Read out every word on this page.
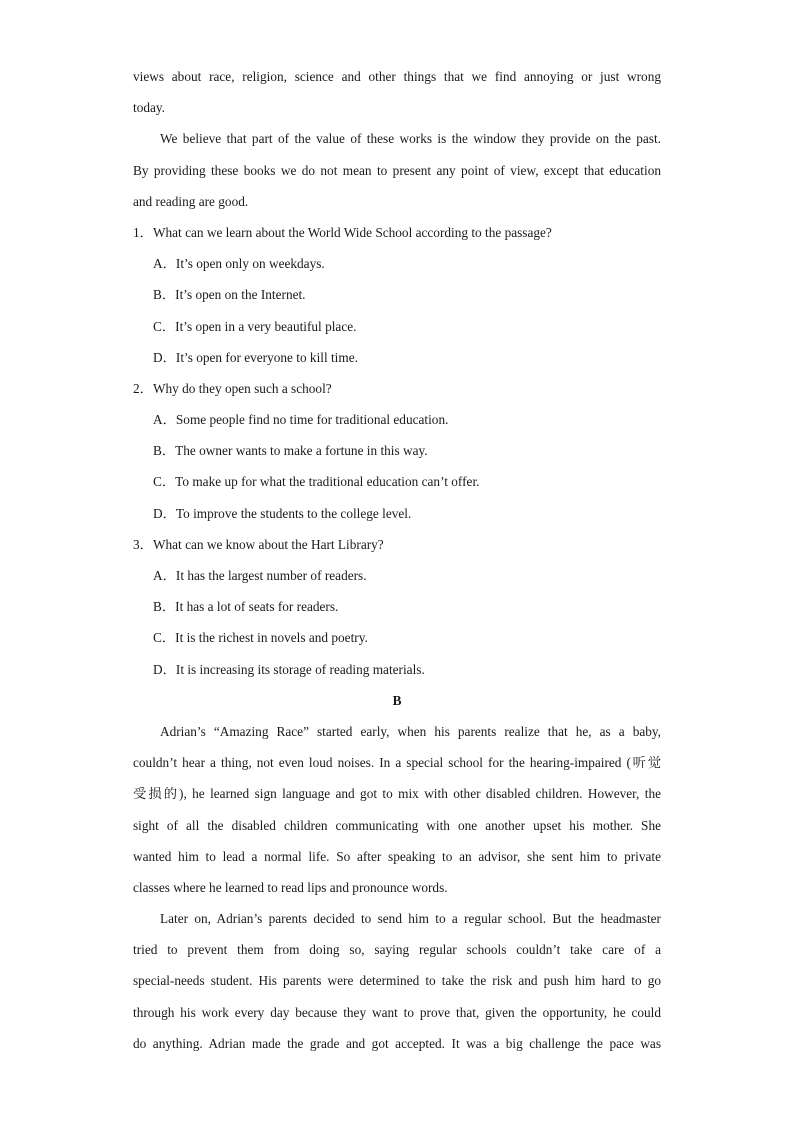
views about race, religion, science and other things that we find annoying or just wrong
today.
We believe that part of the value of these works is the window they provide on the past.
By providing these books we do not mean to present any point of view, except that education
and reading are good.
1．What can we learn about the World Wide School according to the passage?
A．It’s open only on weekdays.
B．It’s open on the Internet.
C．It’s open in a very beautiful place.
D．It’s open for everyone to kill time.
2．Why do they open such a school?
A．Some people find no time for traditional education.
B．The owner wants to make a fortune in this way.
C．To make up for what the traditional education can’t offer.
D．To improve the students to the college level.
3．What can we know about the Hart Library?
A．It has the largest number of readers.
B．It has a lot of seats for readers.
C．It is the richest in novels and poetry.
D．It is increasing its storage of reading materials.
B
Adrian’s “Amazing Race” started early, when his parents realize that he, as a baby,
couldn’t hear a thing, not even loud noises. In a special school for the hearing-impaired (听觉
受损的), he learned sign language and got to mix with other disabled children. However, the
sight of all the disabled children communicating with one another upset his mother. She
wanted him to lead a normal life. So after speaking to an advisor, she sent him to private
classes where he learned to read lips and pronounce words.
Later on, Adrian’s parents decided to send him to a regular school. But the headmaster
tried to prevent them from doing so, saying regular schools couldn’t take care of a
special-needs student. His parents were determined to take the risk and push him hard to go
through his work every day because they want to prove that, given the opportunity, he could
do anything. Adrian made the grade and got accepted. It was a big challenge the pace was
